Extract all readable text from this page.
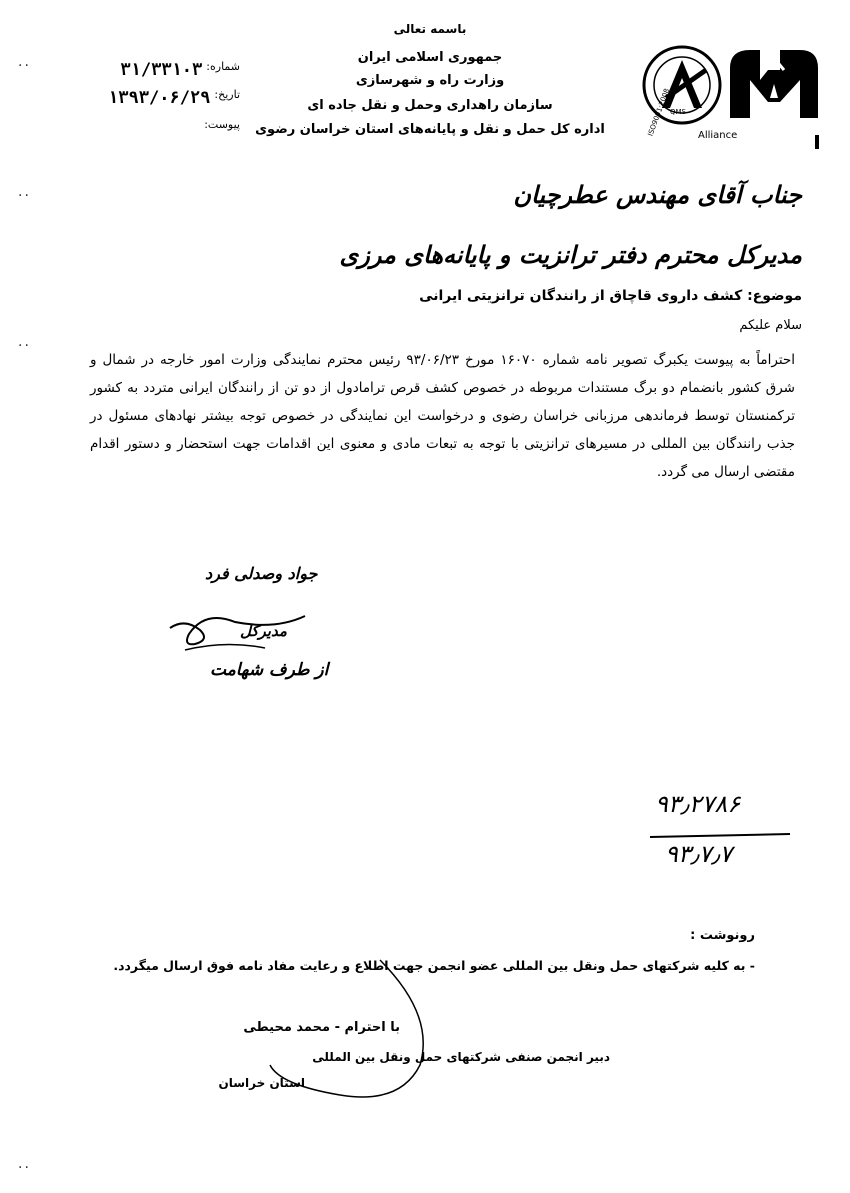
باسمه تعالی
جمهوری اسلامی ایران
وزارت راه و شهرسازی
سازمان راهداری وحمل و نقل جاده ای
اداره کل حمل و نقل و پایانه‌های استان خراسان رضوی
شماره:
۳۱/۳۳۱۰۳
تاریخ:
۱۳۹۳/۰۶/۲۹
پیوست:
··
··
··
··
QMS
ISO9001:2008	Alliance
جناب آقای مهندس عطرچیان
مدیرکل محترم دفتر ترانزیت و پایانه‌های مرزی
موضوع: کشف داروی قاچاق از رانندگان ترانزیتی ایرانی
سلام علیکم
احتراماً به پیوست یکبرگ تصویر نامه شماره ۱۶۰۷۰ مورخ ۹۳/۰۶/۲۳ رئیس محترم نمایندگی وزارت امور خارجه در شمال و شرق کشور بانضمام دو برگ مستندات مربوطه در خصوص کشف قرص ترامادول از دو تن از رانندگان ایرانی متردد به کشور ترکمنستان توسط فرماندهی مرزبانی خراسان رضوی و درخواست این نمایندگی در خصوص توجه بیشتر نهادهای مسئول در جذب رانندگان بین المللی در مسیرهای ترانزیتی با توجه به تبعات مادی و معنوی این اقدامات جهت استحضار و دستور اقدام مقتضی ارسال می گردد.
جواد وصدلی فرد
مدیرکل
از طرف شهامت
۹۳٫۲۷۸۶
۹۳٫۷٫۷
رونوشت :
- به کلیه شرکتهای حمل ونقل بین المللی عضو انجمن جهت اطلاع و رعایت مفاد نامه فوق ارسال میگردد.
با احترام - محمد محیطی
دبیر انجمن صنفی شرکتهای حمل ونقل بین المللی
استان خراسان
